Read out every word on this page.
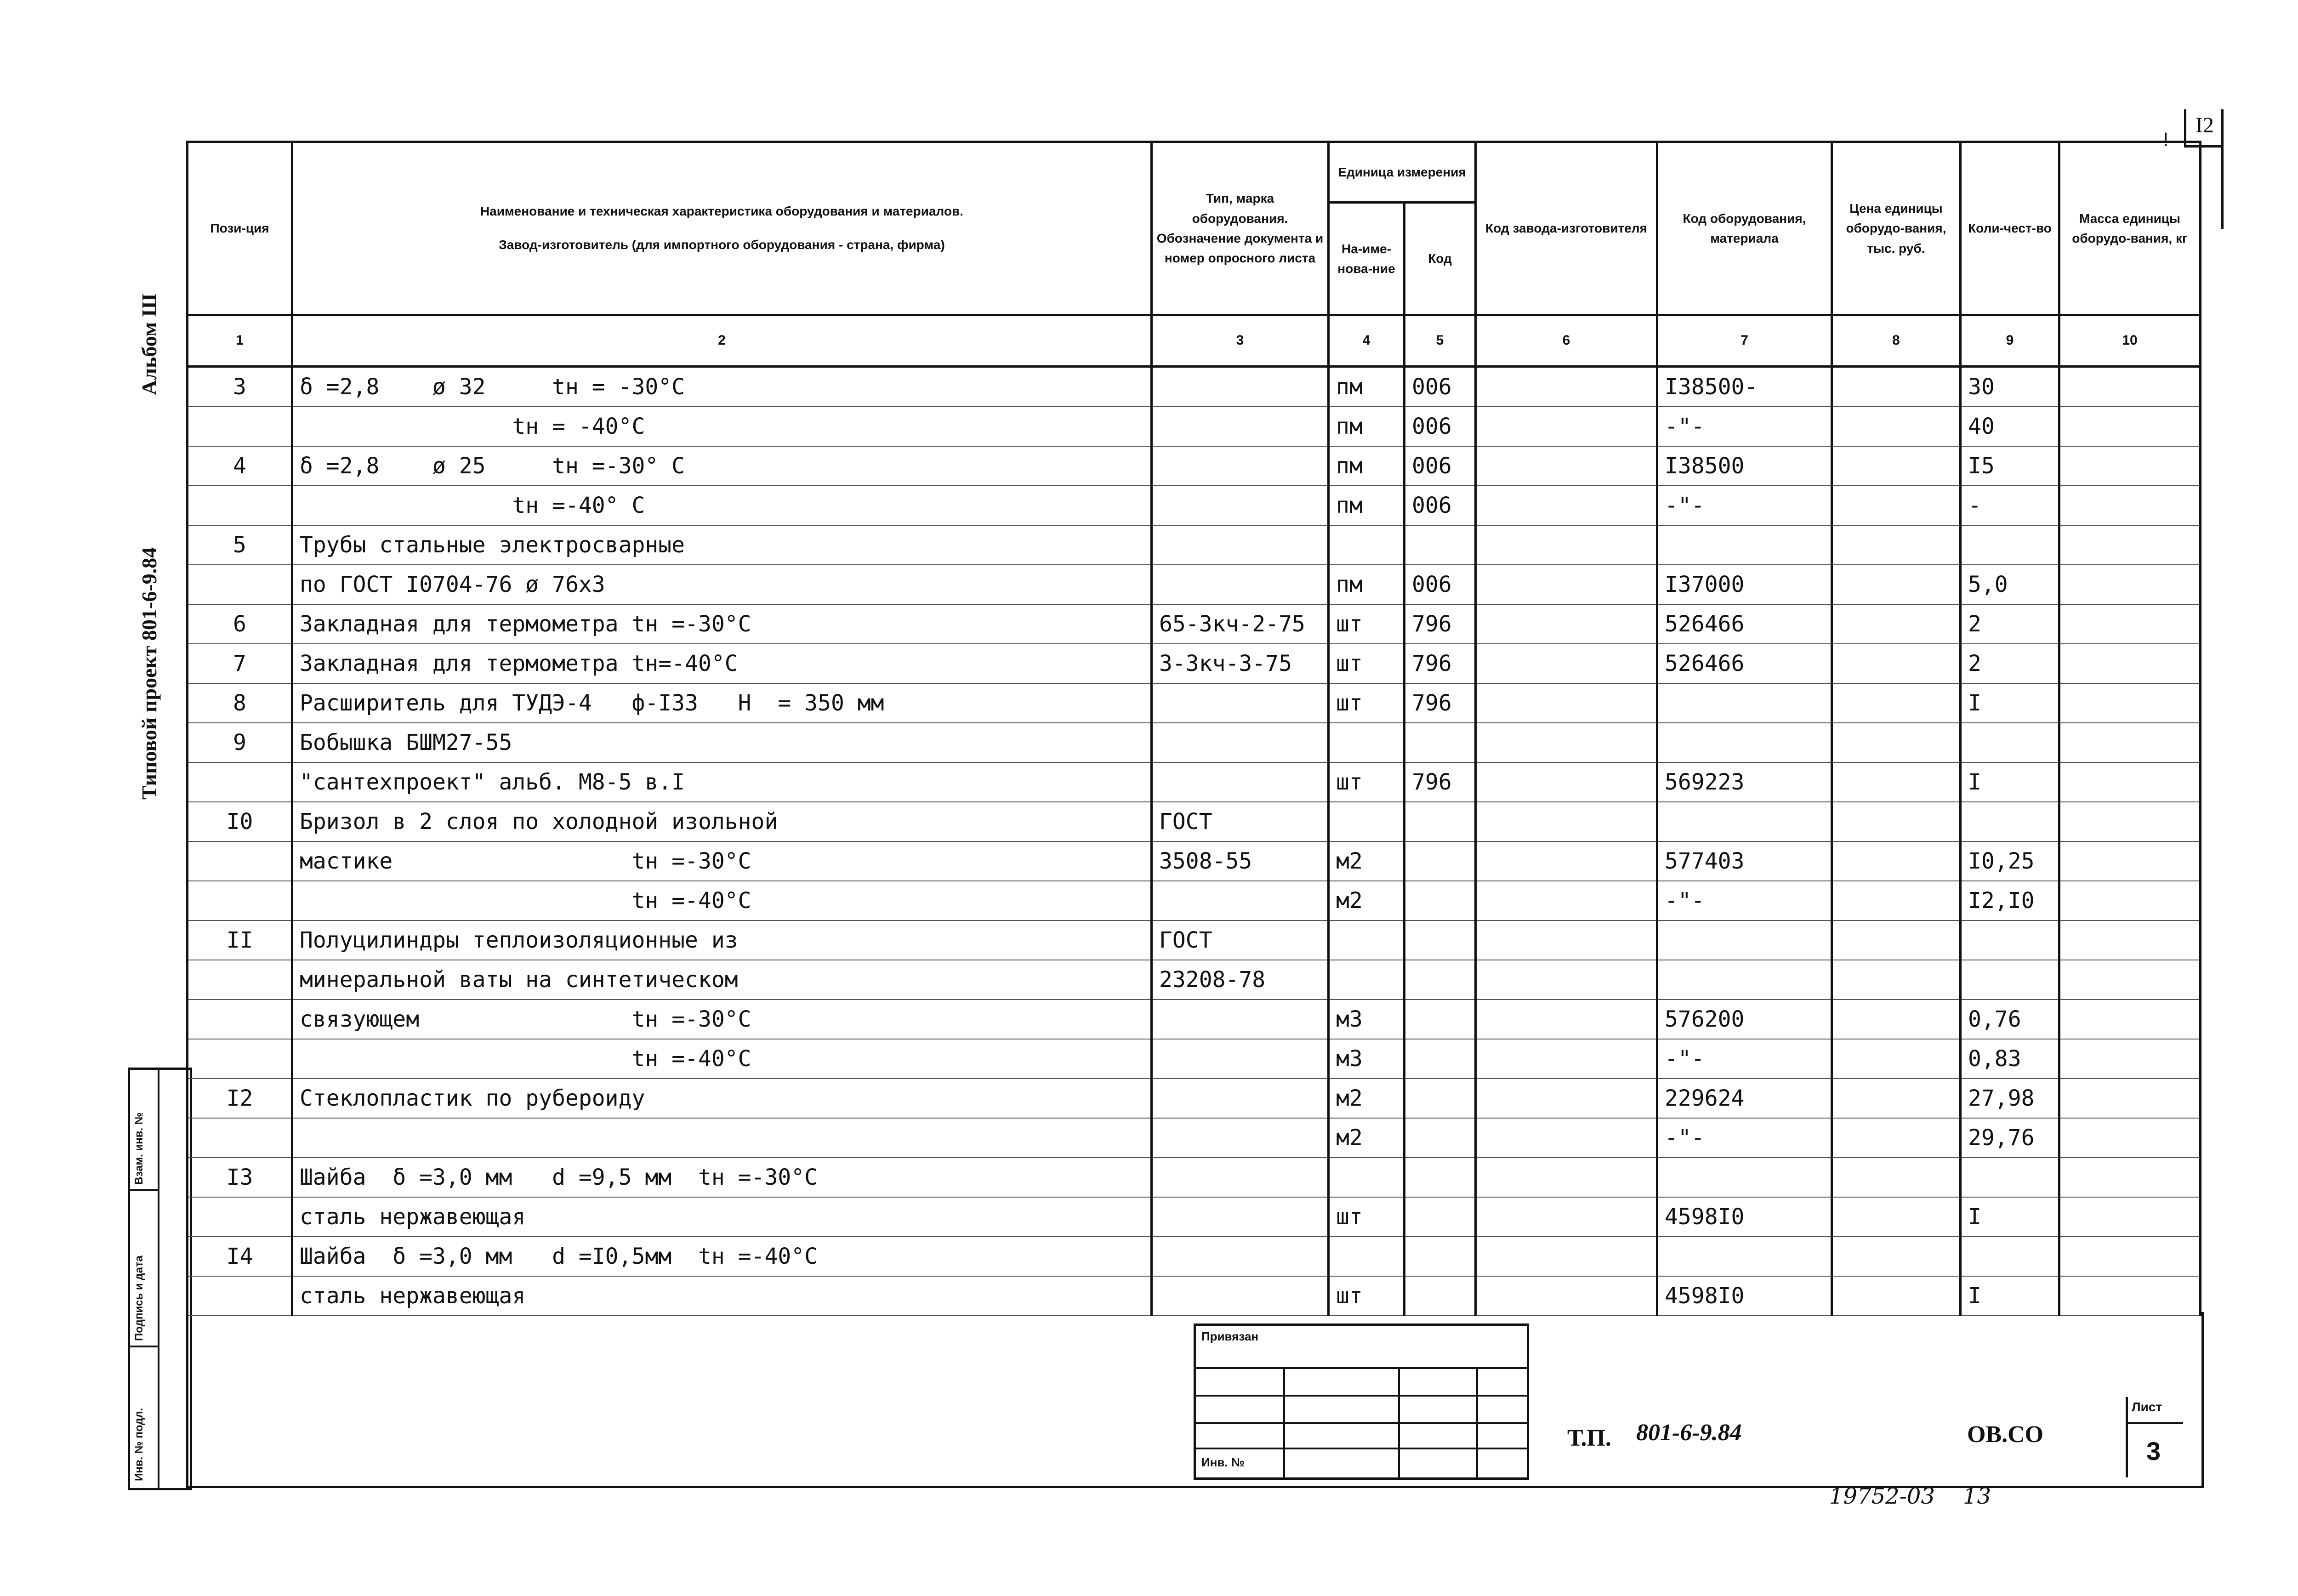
!
I2
Альбом Ш
Типовой проект 801-6-9.84
Взам. инв. №
Подпись и дата
Инв. № подл.
Пози-ция	Наименование и техническая характеристика оборудования и материалов.
Завод-изготовитель (для импортного оборудования - страна, фирма)	Тип, марка оборудования. Обозначение документа и номер опросного листа	Единица измерения		Код завода-изготовителя	Код оборудования, материала	Цена единицы оборудо-вания, тыс. руб.	Коли-чест-во	Масса единицы оборудо-вания, кг
			На-име-нова-ние	Код					
1	2	3	4	5	6	7	8	9	10
3	δ =2,8    ø 32     tн = -30°C		пм	006		I38500-		30	
	tн = -40°C		пм	006		-"-		40	
4	δ =2,8    ø 25     tн =-30° C		пм	006		I38500		I5	
	tн =-40° C		пм	006		-"-		-	
5	Трубы стальные электросварные								
	по ГОСТ I0704-76 ø 76х3		пм	006		I37000		5,0	
6	Закладная для термометра tн =-30°C	65-3кч-2-75	шт	796		526466		2	
7	Закладная для термометра tн=-40°C	3-3кч-3-75	шт	796		526466		2	
8	Расширитель для ТУДЭ-4   ф-I33   H  = 350 мм		шт	796				I	
9	Бобышка БШМ27-55								
	"сантехпроект" альб. М8-5 в.I		шт	796		569223		I	
I0	Бризол в 2 слоя по холодной изольной	ГОСТ							
	мастике                  tн =-30°C	3508-55	м2			577403		I0,25	
	tн =-40°C		м2			-"-		I2,I0	
II	Полуцилиндры теплоизоляционные из	ГОСТ							
	минеральной ваты на синтетическом	23208-78							
	связующем                tн =-30°C		м3			576200		0,76	
	tн =-40°C		м3			-"-		0,83	
I2	Стеклопластик по рубероиду		м2			229624		27,98	
			м2			-"-		29,76	
I3	Шайба  δ =3,0 мм   d =9,5 мм  tн =-30°C								
	сталь нержавеющая		шт			4598I0		I	
I4	Шайба  δ =3,0 мм   d =I0,5мм  tн =-40°C								
	сталь нержавеющая		шт			4598I0		I	
Привязан
Инв. №
Т.П. 801-6-9.84	ОВ.СО
Лист
3
19752-03    13
